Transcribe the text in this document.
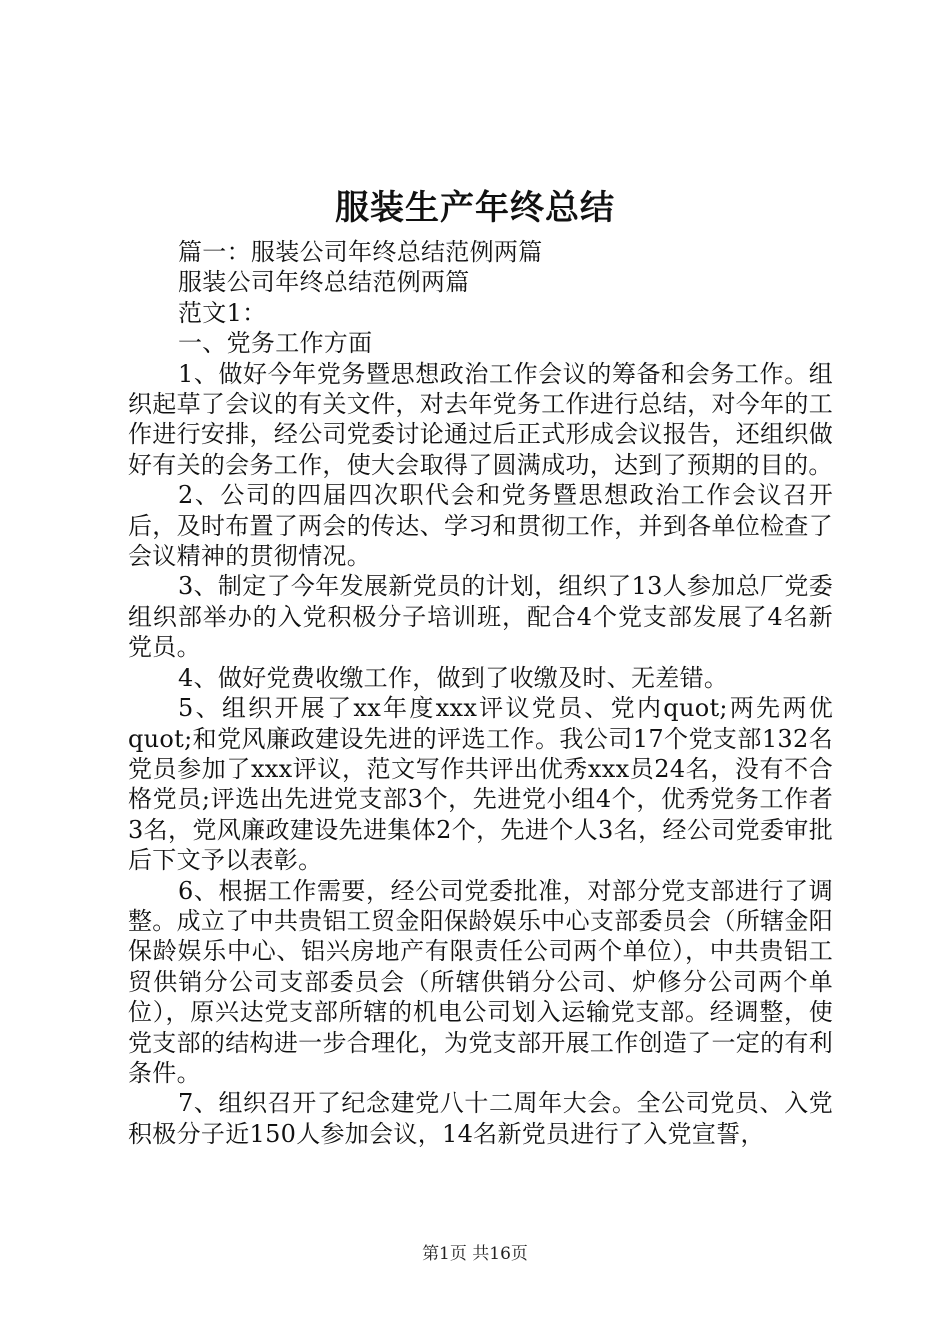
服装生产年终总结

篇一：服装公司年终总结范例两篇

服装公司年终总结范例两篇

范文1：

一、党务工作方面

1、做好今年党务暨思想政治工作会议的筹备和会务工作。组织起草了会议的有关文件，对去年党务工作进行总结，对今年的工作进行安排，经公司党委讨论通过后正式形成会议报告，还组织做好有关的会务工作，使大会取得了圆满成功，达到了预期的目的。

2、公司的四届四次职代会和党务暨思想政治工作会议召开后，及时布置了两会的传达、学习和贯彻工作，并到各单位检查了会议精神的贯彻情况。

3、制定了今年发展新党员的计划，组织了13人参加总厂党委组织部举办的入党积极分子培训班，配合4个党支部发展了4名新党员。

4、做好党费收缴工作，做到了收缴及时、无差错。

5、组织开展了xx年度xxx评议党员、党内quot;两先两优quot;和党风廉政建设先进的评选工作。我公司17个党支部132名党员参加了xxx评议，范文写作共评出优秀xxx员24名，没有不合格党员;评选出先进党支部3个，先进党小组4个，优秀党务工作者3名，党风廉政建设先进集体2个，先进个人3名，经公司党委审批后下文予以表彰。

6、根据工作需要，经公司党委批准，对部分党支部进行了调整。成立了中共贵铝工贸金阳保龄娱乐中心支部委员会（所辖金阳保龄娱乐中心、铝兴房地产有限责任公司两个单位），中共贵铝工贸供销分公司支部委员会（所辖供销分公司、炉修分公司两个单位），原兴达党支部所辖的机电公司划入运输党支部。经调整，使党支部的结构进一步合理化，为党支部开展工作创造了一定的有利条件。

7、组织召开了纪念建党八十二周年大会。全公司党员、入党积极分子近150人参加会议，14名新党员进行了入党宣誓，

第1页 共16页
